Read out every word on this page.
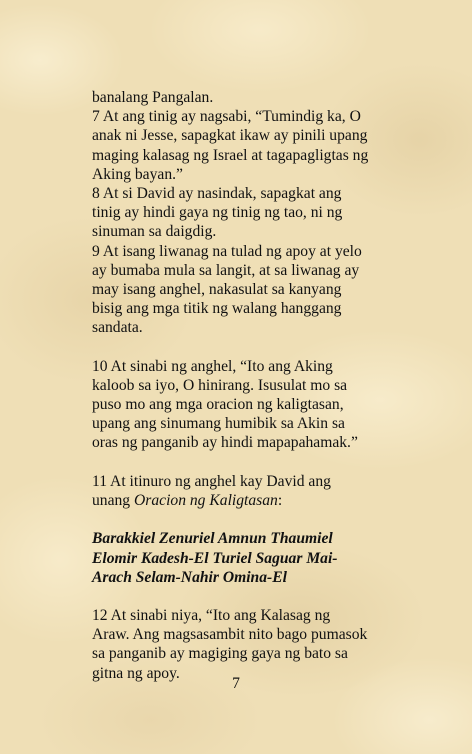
banalang Pangalan.
7 At ang tinig ay nagsabi, “Tumindig ka, O
anak ni Jesse, sapagkat ikaw ay pinili upang
maging kalasag ng Israel at tagapagligtas ng
Aking bayan.”
8 At si David ay nasindak, sapagkat ang
tinig ay hindi gaya ng tinig ng tao, ni ng
sinuman sa daigdig.
9 At isang liwanag na tulad ng apoy at yelo
ay bumaba mula sa langit, at sa liwanag ay
may isang anghel, nakasulat sa kanyang
bisig ang mga titik ng walang hanggang
sandata.
10 At sinabi ng anghel, “Ito ang Aking
kaloob sa iyo, O hinirang. Isusulat mo sa
puso mo ang mga oracion ng kaligtasan,
upang ang sinumang humibik sa Akin sa
oras ng panganib ay hindi mapapahamak.”
11 At itinuro ng anghel kay David ang
unang Oracion ng Kaligtasan:
Barakkiel Zenuriel Amnun Thaumiel
Elomir Kadesh-El Turiel Saguar Mai-
Arach Selam-Nahir Omina-El
12 At sinabi niya, “Ito ang Kalasag ng
Araw. Ang magsasambit nito bago pumasok
sa panganib ay magiging gaya ng bato sa
gitna ng apoy.
7
